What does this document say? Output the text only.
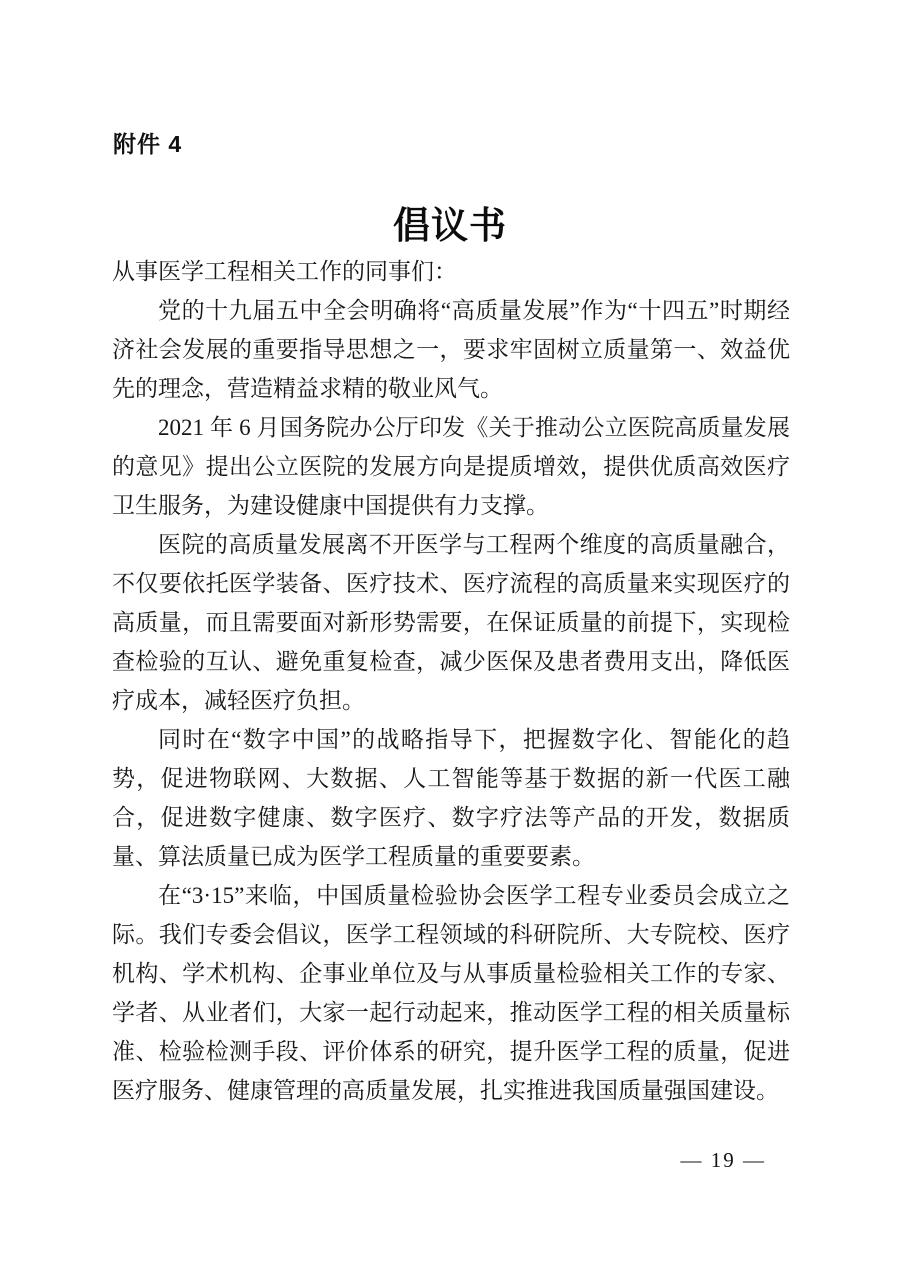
附件 4
倡议书

从事医学工程相关工作的同事们：

党的十九届五中全会明确将“高质量发展”作为“十四五”时期经济社会发展的重要指导思想之一，要求牢固树立质量第一、效益优先的理念，营造精益求精的敬业风气。

2021 年 6 月国务院办公厅印发《关于推动公立医院高质量发展的意见》提出公立医院的发展方向是提质增效，提供优质高效医疗卫生服务，为建设健康中国提供有力支撑。

医院的高质量发展离不开医学与工程两个维度的高质量融合，不仅要依托医学装备、医疗技术、医疗流程的高质量来实现医疗的高质量，而且需要面对新形势需要，在保证质量的前提下，实现检查检验的互认、避免重复检查，减少医保及患者费用支出，降低医疗成本，减轻医疗负担。

同时在“数字中国”的战略指导下，把握数字化、智能化的趋势，促进物联网、大数据、人工智能等基于数据的新一代医工融合，促进数字健康、数字医疗、数字疗法等产品的开发，数据质量、算法质量已成为医学工程质量的重要要素。

在“3·15”来临，中国质量检验协会医学工程专业委员会成立之际。我们专委会倡议，医学工程领域的科研院所、大专院校、医疗机构、学术机构、企事业单位及与从事质量检验相关工作的专家、学者、从业者们，大家一起行动起来，推动医学工程的相关质量标准、检验检测手段、评价体系的研究，提升医学工程的质量，促进医疗服务、健康管理的高质量发展，扎实推进我国质量强国建设。

— 19 —
